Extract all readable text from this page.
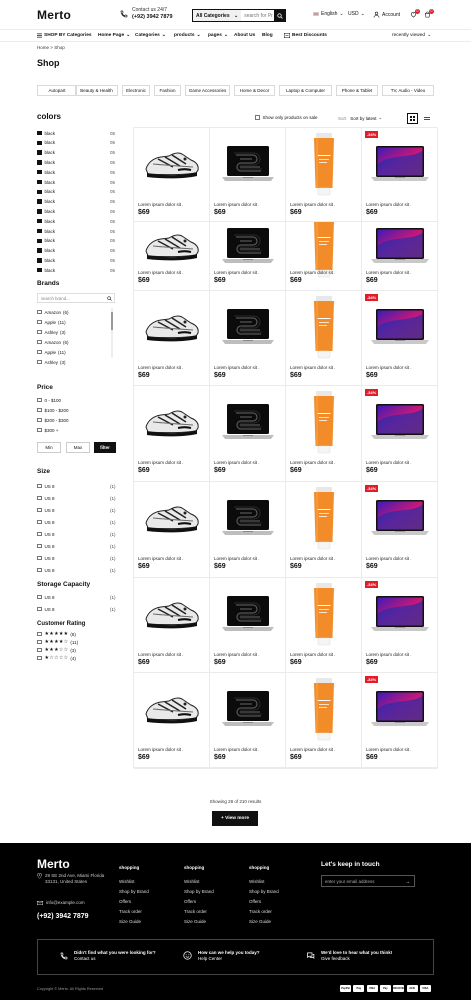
Merto	Contact us 24/7
(+92) 3942 7879	All Categories ⌄
search for Pr	English ⌄ USD ⌄	Account
0	0
SHOP BY Categories Home Page ⌄ Categories ⌄ products ⌄ pages ⌄ About Us Blog	Best Discounts	recently viewed ⌄
Home > Shop
Shop
Autopart	Beauty & Health	Electronic	Fashion	Game Accessories	Home & Decor	Laptop & Computer	Phone & Tablet	TV, Audio - Video
colors
black	05
black	05
black	05
black	05
black	05
black	05
black	05
black	05
black	05
black	05
black	05
black	05
black	05
black	05
black	05
Brands
search brand...
Amazon (6)
Apple (11)
Ashley (3)
Amazon (6)
Apple (11)
Ashley (3)
Price
0 - $100
$100 - $200
$200 - $300
$300 +
Min	Max	filter
Size
US 8	(1)
US 8	(1)
US 8	(1)
US 8	(1)
US 8	(1)
US 8	(1)
US 8	(1)
US 8	(1)
Storage Capacity
US 8	(1)
US 8	(1)
Customer Rating
★★★★★ (8)
★★★★☆ (11)
★★★☆☆ (3)
★☆☆☆☆ (4)
Show only products on sale	Sort Sort by latest ⌄
Lorem ipsum dolor sit .
$69
Lorem ipsum dolor sit .
$69
Lorem ipsum dolor sit .
$69
-34%
Lorem ipsum dolor sit .
$69
Lorem ipsum dolor sit .
$69
Lorem ipsum dolor sit .
$69
Lorem ipsum dolor sit .
$69
Lorem ipsum dolor sit .
$69
Lorem ipsum dolor sit .
$69
Lorem ipsum dolor sit .
$69
Lorem ipsum dolor sit .
$69
-34%
Lorem ipsum dolor sit .
$69
Lorem ipsum dolor sit .
$69
Lorem ipsum dolor sit .
$69
Lorem ipsum dolor sit .
$69
-34%
Lorem ipsum dolor sit .
$69
Lorem ipsum dolor sit .
$69
Lorem ipsum dolor sit .
$69
Lorem ipsum dolor sit .
$69
-34%
Lorem ipsum dolor sit .
$69
Lorem ipsum dolor sit .
$69
Lorem ipsum dolor sit .
$69
Lorem ipsum dolor sit .
$69
-34%
Lorem ipsum dolor sit .
$69
Lorem ipsum dolor sit .
$69
Lorem ipsum dolor sit .
$69
Lorem ipsum dolor sit .
$69
-34%
Lorem ipsum dolor sit .
$69
Showing 28 of 210 results
+ View more
Merto
29 SE 2nd Ave, Miami Florida 33131, United States
info@example.com
(+92) 3942 7879
shopping
Wishlist
Shop by Brand
Offers
Track order
Size Guide
shopping
Wishlist
Shop by Brand
Offers
Track order
Size Guide
shopping
Wishlist
Shop by Brand
Offers
Track order
Size Guide
Let's keep in touch
enter your email address	→
Didn't find what you were looking for?
Contact us
How can we help you today?
Help Center
We'd love to hear what you think!
Give feedback
Copyright © Merto. All Rights Reserved	PayPal	Pay	VISA	Pay	DISCOVER	ACN	VISA
